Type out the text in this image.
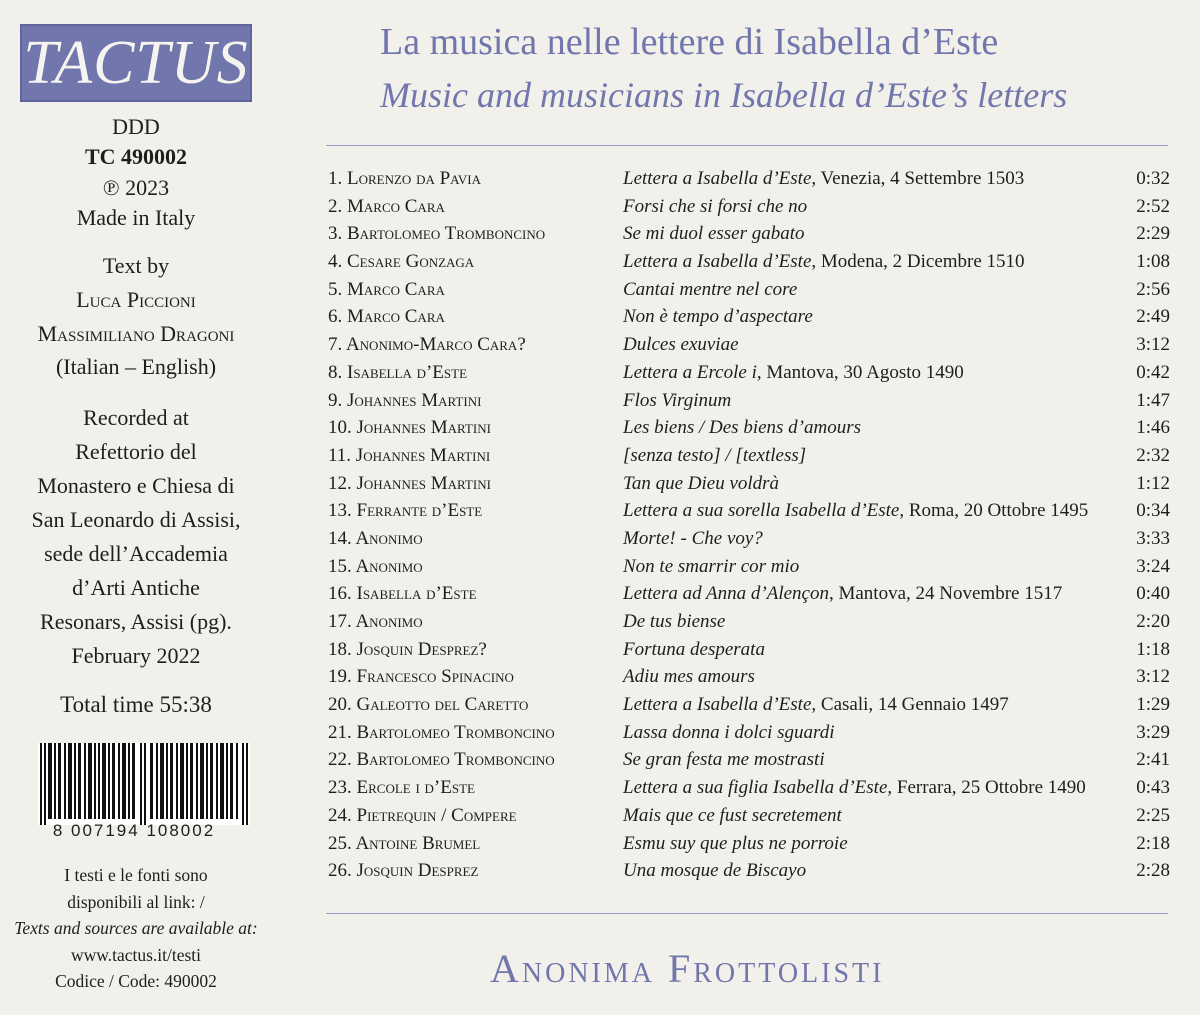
TACTUS
DDD
TC 490002
℗ 2023
Made in Italy
Text by
Luca Piccioni
Massimiliano Dragoni
(Italian – English)
Recorded at
Refettorio del
Monastero e Chiesa di
San Leonardo di Assisi,
sede dell’Accademia
d’Arti Antiche
Resonars, Assisi (pg).
February 2022
Total time 55:38
8 007194 108002
I testi e le fonti sono
disponibili al link: /
Texts and sources are available at:
www.tactus.it/testi
Codice / Code: 490002
La musica nelle lettere di Isabella d’Este
Music and musicians in Isabella d’Este’s letters
1. Lorenzo da Pavia	Lettera a Isabella d’Este, Venezia, 4 Settembre 1503	0:32
2. Marco Cara	Forsi che si forsi che no	2:52
3. Bartolomeo Tromboncino	Se mi duol esser gabato	2:29
4. Cesare Gonzaga	Lettera a Isabella d’Este, Modena, 2 Dicembre 1510	1:08
5. Marco Cara	Cantai mentre nel core	2:56
6. Marco Cara	Non è tempo d’aspectare	2:49
7. Anonimo-Marco Cara?	Dulces exuviae	3:12
8. Isabella d’Este	Lettera a Ercole i, Mantova, 30 Agosto 1490	0:42
9. Johannes Martini	Flos Virginum	1:47
10. Johannes Martini	Les biens / Des biens d’amours	1:46
11. Johannes Martini	[senza testo] / [textless]	2:32
12. Johannes Martini	Tan que Dieu voldrà	1:12
13. Ferrante d’Este	Lettera a sua sorella Isabella d’Este, Roma, 20 Ottobre 1495	0:34
14. Anonimo	Morte! - Che voy?	3:33
15. Anonimo	Non te smarrir cor mio	3:24
16. Isabella d’Este	Lettera ad Anna d’Alençon, Mantova, 24 Novembre 1517	0:40
17. Anonimo	De tus biense	2:20
18. Josquin Desprez?	Fortuna desperata	1:18
19. Francesco Spinacino	Adiu mes amours	3:12
20. Galeotto del Caretto	Lettera a Isabella d’Este, Casali, 14 Gennaio 1497	1:29
21. Bartolomeo Tromboncino	Lassa donna i dolci sguardi	3:29
22. Bartolomeo Tromboncino	Se gran festa me mostrasti	2:41
23. Ercole i d’Este	Lettera a sua figlia Isabella d’Este, Ferrara, 25 Ottobre 1490	0:43
24. Pietrequin / Compere	Mais que ce fust secretement	2:25
25. Antoine Brumel	Esmu suy que plus ne porroie	2:18
26. Josquin Desprez	Una mosque de Biscayo	2:28
Anonima Frottolisti
